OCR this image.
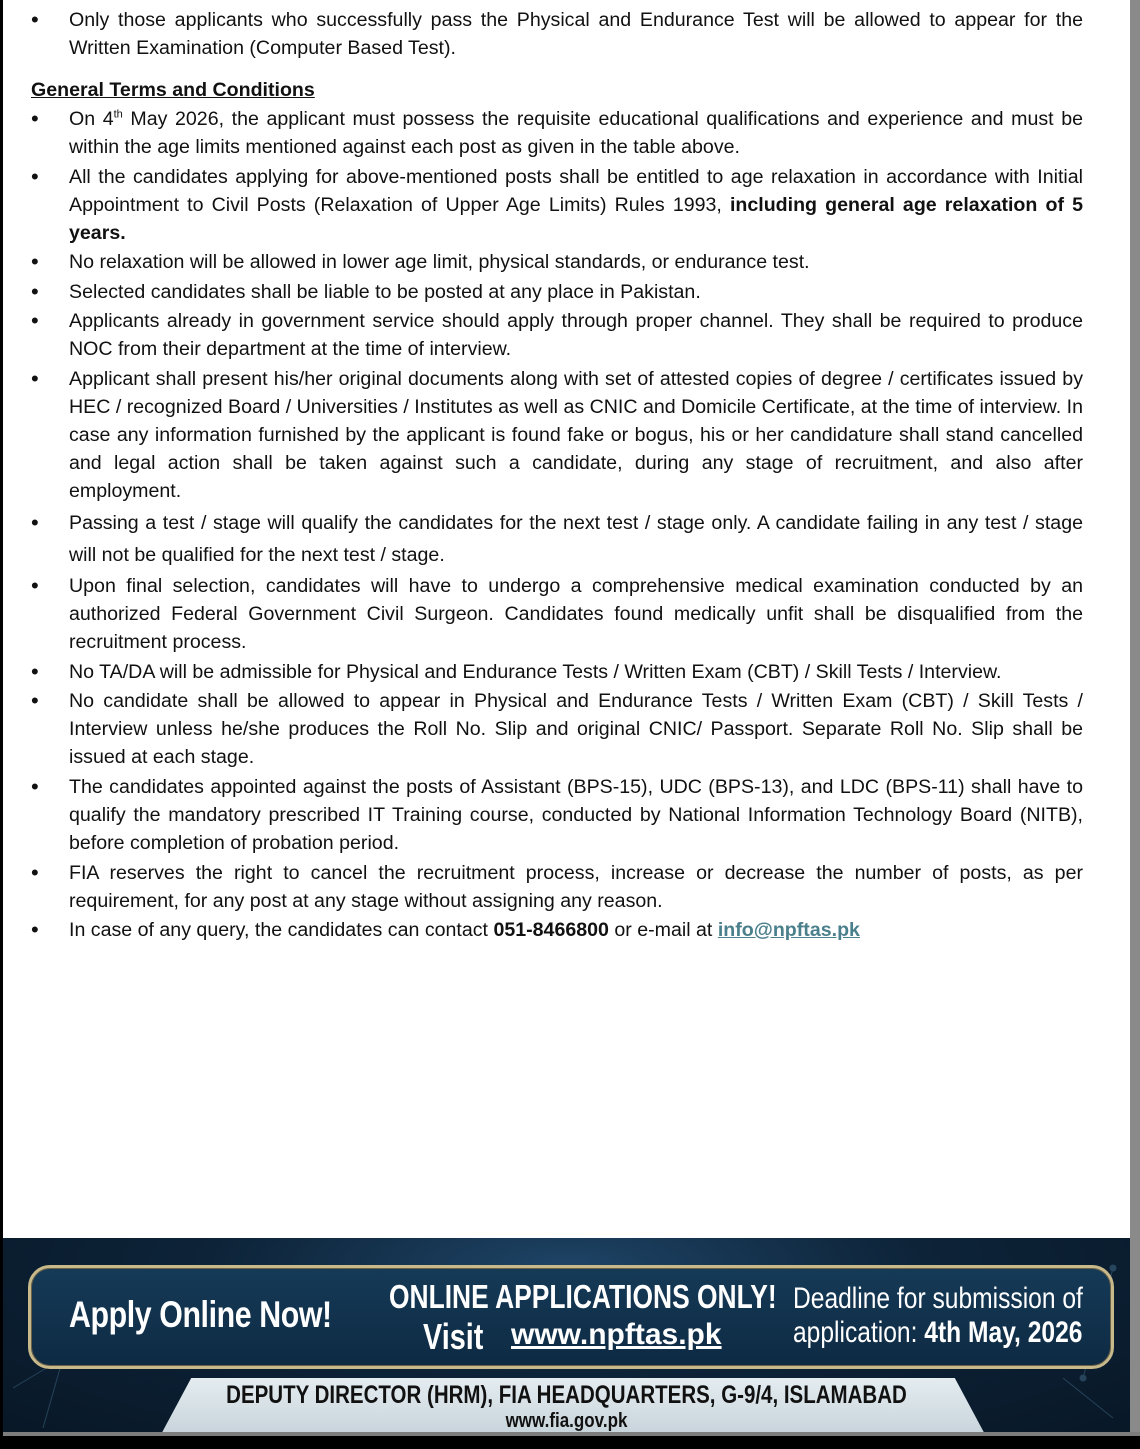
• Only those applicants who successfully pass the Physical and Endurance Test will be allowed to appear for the Written Examination (Computer Based Test).
General Terms and Conditions
• On 4th May 2026, the applicant must possess the requisite educational qualifications and experience and must be within the age limits mentioned against each post as given in the table above.
• All the candidates applying for above-mentioned posts shall be entitled to age relaxation in accordance with Initial Appointment to Civil Posts (Relaxation of Upper Age Limits) Rules 1993, including general age relaxation of 5 years.
• No relaxation will be allowed in lower age limit, physical standards, or endurance test.
• Selected candidates shall be liable to be posted at any place in Pakistan.
• Applicants already in government service should apply through proper channel. They shall be required to produce NOC from their department at the time of interview.
• Applicant shall present his/her original documents along with set of attested copies of degree / certificates issued by HEC / recognized Board / Universities / Institutes as well as CNIC and Domicile Certificate, at the time of interview. In case any information furnished by the applicant is found fake or bogus, his or her candidature shall stand cancelled and legal action shall be taken against such a candidate, during any stage of recruitment, and also after employment.
• Passing a test / stage will qualify the candidates for the next test / stage only. A candidate failing in any test / stage will not be qualified for the next test / stage.
• Upon final selection, candidates will have to undergo a comprehensive medical examination conducted by an authorized Federal Government Civil Surgeon. Candidates found medically unfit shall be disqualified from the recruitment process.
• No TA/DA will be admissible for Physical and Endurance Tests / Written Exam (CBT) / Skill Tests / Interview.
• No candidate shall be allowed to appear in Physical and Endurance Tests / Written Exam (CBT) / Skill Tests / Interview unless he/she produces the Roll No. Slip and original CNIC/ Passport. Separate Roll No. Slip shall be issued at each stage.
• The candidates appointed against the posts of Assistant (BPS-15), UDC (BPS-13), and LDC (BPS-11) shall have to qualify the mandatory prescribed IT Training course, conducted by National Information Technology Board (NITB), before completion of probation period.
• FIA reserves the right to cancel the recruitment process, increase or decrease the number of posts, as per requirement, for any post at any stage without assigning any reason.
• In case of any query, the candidates can contact 051-8466800 or e-mail at info@npftas.pk
Apply Online Now! ONLINE APPLICATIONS ONLY!
Visit www.npftas.pk
Deadline for submission of
application: 4th May, 2026
DEPUTY DIRECTOR (HRM), FIA HEADQUARTERS, G-9/4, ISLAMABAD
www.fia.gov.pk
